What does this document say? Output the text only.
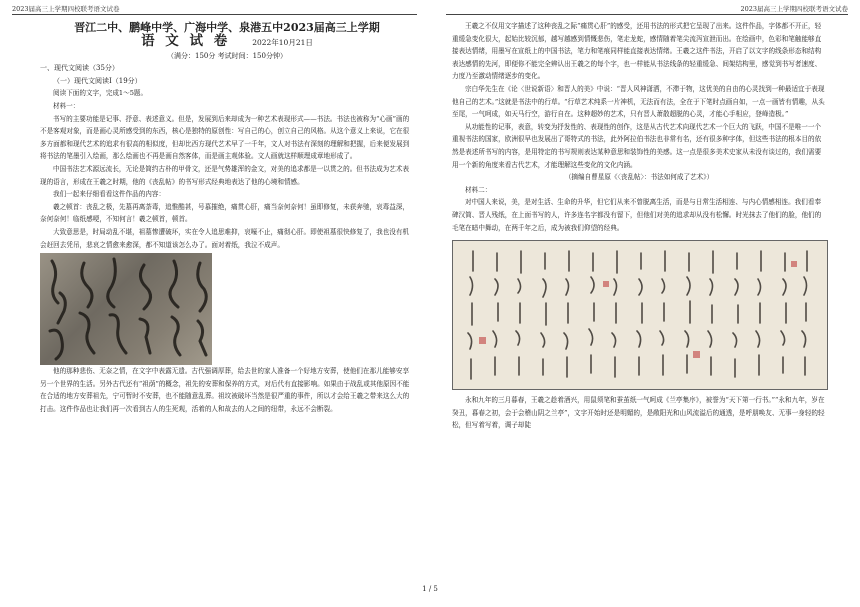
2023届高三上学期四校联考语文试卷	2023届高三上学期四校联考语文试卷

晋江二中、鹏峰中学、广海中学、泉港五中2023届高三上学期

语 文 试 卷	2022年10月21日

（满分：150分 考试时间：150分钟）

一、现代文阅读（35分）

（一）现代文阅读Ⅰ（19分）

阅读下面的文字，完成1～5题。

材料一：

书写的主要功能是记事、抒意、表述意义。但是，发展到后来却成为一种艺术表现形式——书法。书法也被称为“心画”画的不是客观对象，而是画心灵所感受到的东西，核心是独特的原创性：写自己的心，创立自己的风格。从这个意义上来说，它在很多方面都和现代艺术的追求有很高的相似度，但却比西方现代艺术早了一千年，文人对书法有深刻的理解和把握，后来便发展到将书法的笔墨引入绘画，那么绘画也不再是画自然客体，而是画主观体验。文人画就这样顺理成章地形成了。

中国书法艺术源远流长，无论是简约古朴的甲骨文，还是气势雄浑的金文，对美的追求都是一以贯之的。但书法成为艺术表现的语言，形成在王羲之时期，他的《丧乱帖》的书写形式经典地表达了他的心境和情感。

我们一起来仔细看看这件作品的内容：

羲之顿首：丧乱之极，先墓再离荼毒，追惟酷甚，号慕摧绝，痛贯心肝，痛当奈何奈何！虽即修复，未获奔驰，哀毒益深，奈何奈何！临纸感哽，不知何言！羲之顿首，顿首。

大致意思是，时局动乱不堪，祖墓惨遭破坏，实在令人追思难抑，哀嚎不止，痛彻心肝。即使祖墓很快修复了，我也没有机会赶回去凭吊，悲哀之情愈来愈深，都不知道该怎么办了。面对着纸，我泣不成声。

他的那种悲伤、无奈之情，在文字中表露无遗。古代强调厚葬，给去世的家人准备一个好地方安葬，使他们在那儿能够安享另一个世界的生活。另外古代还有“祖荫”的概念，祖先的安葬和保养的方式，对后代有直接影响。如果由于战乱或其他原因不能在合适的地方安葬祖先，宁可暂时不安葬，也不能随意乱葬。祖坟被破坏当然是很严重的事件，所以才会给王羲之带来这么大的打击。这件作品也让我们再一次看到古人的生死观，活着的人和故去的人之间的纽带，永远不会断裂。

王羲之不仅用文字描述了这种丧乱之际“痛贯心肝”的感受，还用书法的形式把它呈现了出来。这件作品，字体都不开正，轻重缓急变化很大，起始比较沉郁，越写越感到情慨悲伤，笔走龙蛇，感情随着笔尖流泻宣泄而出。在绘画中，色彩和笔触能够直接表达情绪，用墨写在宣纸上的中国书法，笔力和笔痕同样能直接表达情绪。王羲之这件书法，开启了以文字的线条形态和结构表达感情的先河，即便你不能完全辨认出王羲之的每个字，也一样能从书法线条的轻重缓急、间架结构里，感觉到书写者速度、力度乃至激动情绪逐步的变化。

宗白华先生在《论〈世说新语〉和晋人的美》中说：“晋人风神潇洒，不滞于物，这优美的自由的心灵找到一种最适宜于表现他自己的艺术。”这就是书法中的行草。“行草艺术纯系一片神机，无法而有法，全在于下笔时点画自如，一点一画皆有情趣，从头至尾，一气呵成，如天马行空，游行自在。这种超妙的艺术，只有晋人萧散超脱的心灵，才能心手相应，登峰造极。”

从功能性的记事，表意，转变为抒发性的、表现性的创作，这是从古代艺术向现代艺术一个巨大的飞跃，中国不是唯一一个重视书法的国家，欧洲很早也发展出了哥特式的书法，此外阿拉伯书法也非常有名，还有很多种字体，但这些书法的根本目的依然是表述所书写的内容，是用特定的书写规则表达某种意思和装饰性的美感。这一点是很多美术史家从未没有谈过的，我们需要用一个新的角度来看古代艺术，才能理解这些变化的文化内涵。

（摘编自曹星原《〈丧乱帖〉：书法如何成了艺术》）

材料二：

对中国人来说，美，是对生活、生命的升华，但它们从来不曾脱离生活，而是与日常生活相连、与内心情感相连。我们看奉碑汉简、晋人残纸，在上面书写的人，许多连名字都没有留下，但他们对美的追求却从没有松懈。时光抹去了他们的脸，他们的毛笔在暗中舞动，在两千年之后，成为被我们仰望的经典。

永和九年的三月暮春，王羲之趁着酒兴，用鼠须笔和蚕茧纸一气呵成《兰亭集序》，被誉为“天下第一行书。”“永和九年，岁在癸丑，暮春之初，会于会稽山阴之兰亭”，文字开始时还是明媚的，是敞阳光和山风流溢后的通透，是呼朋唤友、无事一身轻的轻松，但写着写着，调子却陡

1 / 5
